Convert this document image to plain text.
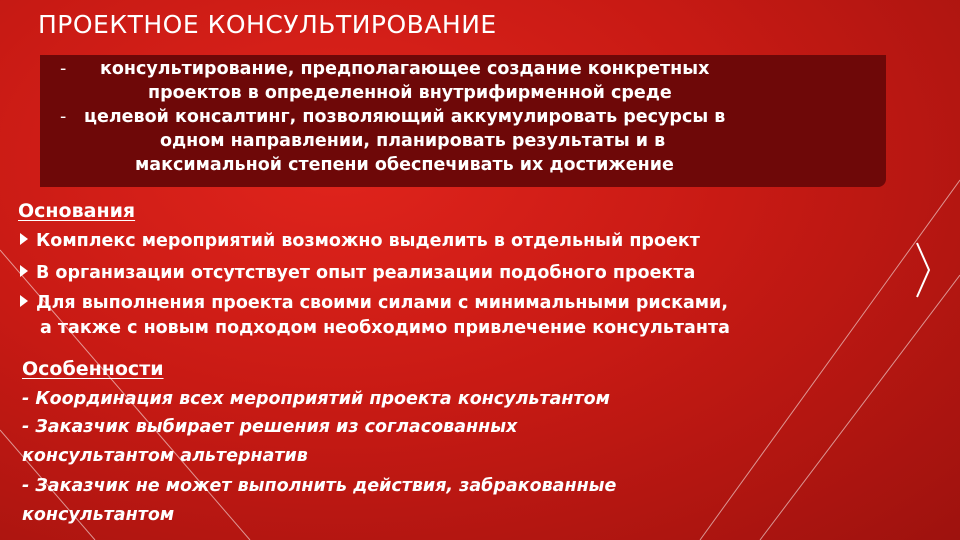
ПРОЕКТНОЕ КОНСУЛЬТИРОВАНИЕ
- консультирование, предполагающее создание конкретных
проектов в определенной внутрифирменной среде
- целевой консалтинг, позволяющий аккумулировать ресурсы в
одном направлении, планировать результаты и в
максимальной степени обеспечивать их достижение
Основания
Комплекс мероприятий возможно выделить в отдельный проект
В организации отсутствует опыт реализации подобного проекта
Для выполнения проекта своими силами с минимальными рисками,
а также с новым подходом необходимо привлечение консультанта
Особенности
- Координация всех мероприятий проекта консультантом
- Заказчик выбирает решения из согласованных
консультантом альтернатив
- Заказчик не может выполнить действия, забракованные
консультантом
